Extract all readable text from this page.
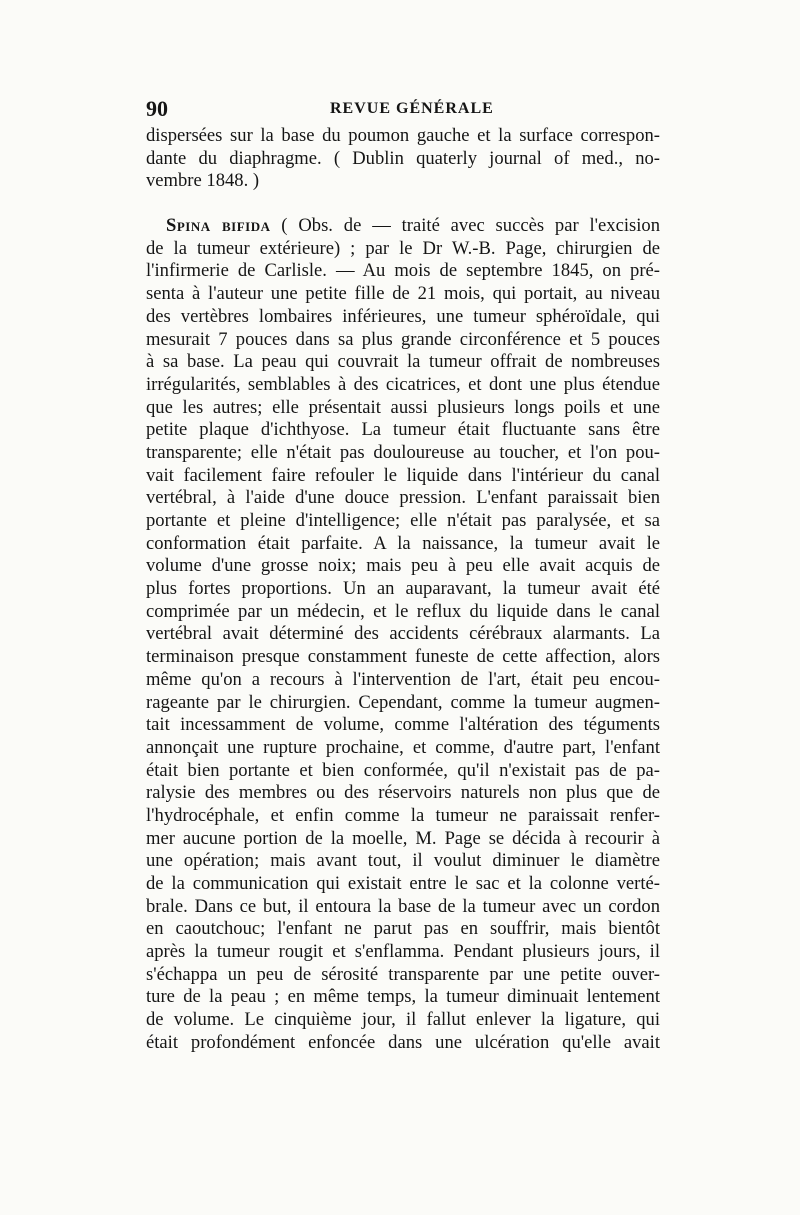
90	REVUE GÉNÉRALE
dispersées sur la base du poumon gauche et la surface correspon-
dante du diaphragme. ( Dublin quaterly journal of med., no-
vembre 1848. )
Spina bifida ( Obs. de — traité avec succès par l'excision
de la tumeur extérieure) ; par le Dr W.-B. Page, chirurgien de
l'infirmerie de Carlisle. — Au mois de septembre 1845, on pré-
senta à l'auteur une petite fille de 21 mois, qui portait, au niveau
des vertèbres lombaires inférieures, une tumeur sphéroïdale, qui
mesurait 7 pouces dans sa plus grande circonférence et 5 pouces
à sa base. La peau qui couvrait la tumeur offrait de nombreuses
irrégularités, semblables à des cicatrices, et dont une plus étendue
que les autres; elle présentait aussi plusieurs longs poils et une
petite plaque d'ichthyose. La tumeur était fluctuante sans être
transparente; elle n'était pas douloureuse au toucher, et l'on pou-
vait facilement faire refouler le liquide dans l'intérieur du canal
vertébral, à l'aide d'une douce pression. L'enfant paraissait bien
portante et pleine d'intelligence; elle n'était pas paralysée, et sa
conformation était parfaite. A la naissance, la tumeur avait le
volume d'une grosse noix; mais peu à peu elle avait acquis de
plus fortes proportions. Un an auparavant, la tumeur avait été
comprimée par un médecin, et le reflux du liquide dans le canal
vertébral avait déterminé des accidents cérébraux alarmants. La
terminaison presque constamment funeste de cette affection, alors
même qu'on a recours à l'intervention de l'art, était peu encou-
rageante par le chirurgien. Cependant, comme la tumeur augmen-
tait incessamment de volume, comme l'altération des téguments
annonçait une rupture prochaine, et comme, d'autre part, l'enfant
était bien portante et bien conformée, qu'il n'existait pas de pa-
ralysie des membres ou des réservoirs naturels non plus que de
l'hydrocéphale, et enfin comme la tumeur ne paraissait renfer-
mer aucune portion de la moelle, M. Page se décida à recourir à
une opération; mais avant tout, il voulut diminuer le diamètre
de la communication qui existait entre le sac et la colonne verté-
brale. Dans ce but, il entoura la base de la tumeur avec un cordon
en caoutchouc; l'enfant ne parut pas en souffrir, mais bientôt
après la tumeur rougit et s'enflamma. Pendant plusieurs jours, il
s'échappa un peu de sérosité transparente par une petite ouver-
ture de la peau ; en même temps, la tumeur diminuait lentement
de volume. Le cinquième jour, il fallut enlever la ligature, qui
était profondément enfoncée dans une ulcération qu'elle avait
